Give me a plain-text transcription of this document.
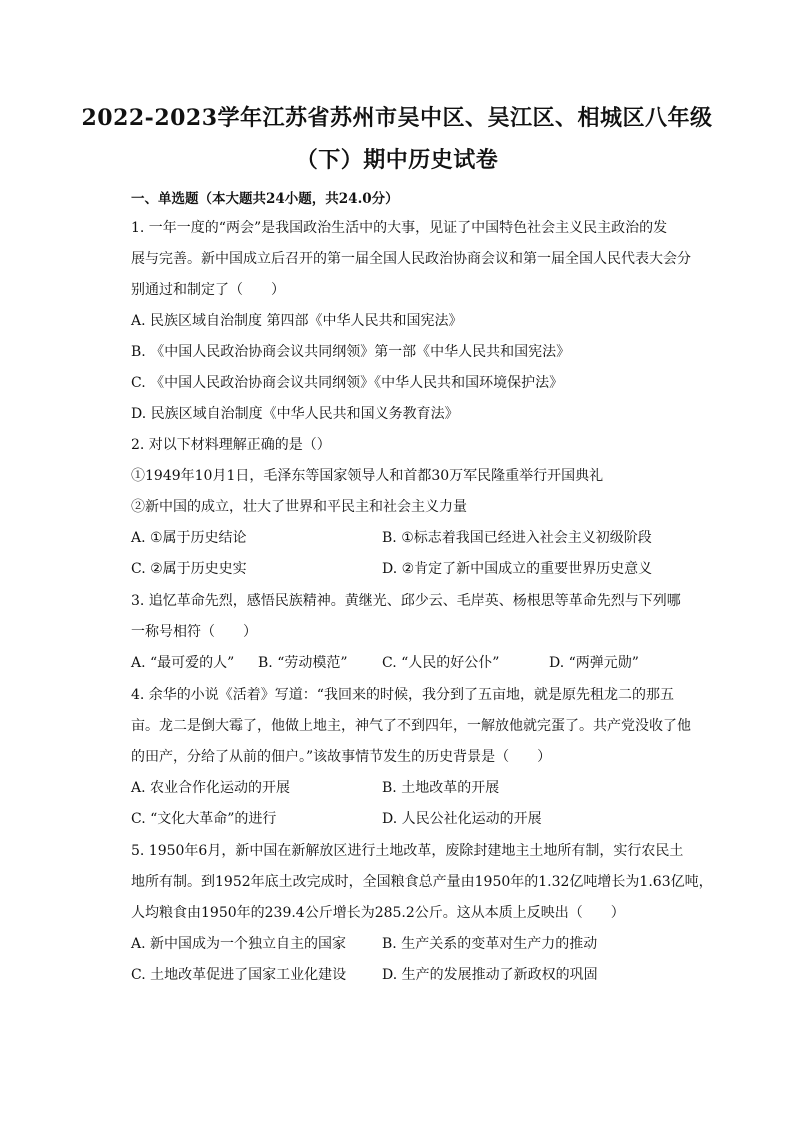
2022-2023学年江苏省苏州市吴中区、吴江区、相城区八年级
（下）期中历史试卷
一、单选题（本大题共24小题，共24.0分）
1. 一年一度的“两会”是我国政治生活中的大事，见证了中国特色社会主义民主政治的发
展与完善。新中国成立后召开的第一届全国人民政治协商会议和第一届全国人民代表大会分
别通过和制定了（　　）
A. 民族区域自治制度 第四部《中华人民共和国宪法》
B. 《中国人民政治协商会议共同纲领》第一部《中华人民共和国宪法》
C. 《中国人民政治协商会议共同纲领》《中华人民共和国环境保护法》
D. 民族区域自治制度《中华人民共和国义务教育法》
2. 对以下材料理解正确的是（）
①1949年10月1日，毛泽东等国家领导人和首都30万军民隆重举行开国典礼
②新中国的成立，壮大了世界和平民主和社会主义力量
A. ①属于历史结论	B. ①标志着我国已经进入社会主义初级阶段
C. ②属于历史史实	D. ②肯定了新中国成立的重要世界历史意义
3. 追忆革命先烈，感悟民族精神。黄继光、邱少云、毛岸英、杨根思等革命先烈与下列哪
一称号相符（　　）
A. “最可爱的人” B. “劳动模范” C. “人民的好公仆”	D. “两弹元勋”
4. 余华的小说《活着》写道：“我回来的时候，我分到了五亩地，就是原先租龙二的那五
亩。龙二是倒大霉了，他做上地主，神气了不到四年，一解放他就完蛋了。共产党没收了他
的田产，分给了从前的佃户。”该故事情节发生的历史背景是（　　）
A. 农业合作化运动的开展	B. 土地改革的开展
C. “文化大革命”的进行	D. 人民公社化运动的开展
5. 1950年6月，新中国在新解放区进行土地改革，废除封建地主土地所有制，实行农民土
地所有制。到1952年底土改完成时，全国粮食总产量由1950年的1.32亿吨增长为1.63亿吨，
人均粮食由1950年的239.4公斤增长为285.2公斤。这从本质上反映出（　　）
A. 新中国成为一个独立自主的国家	B. 生产关系的变革对生产力的推动
C. 土地改革促进了国家工业化建设	D. 生产的发展推动了新政权的巩固
